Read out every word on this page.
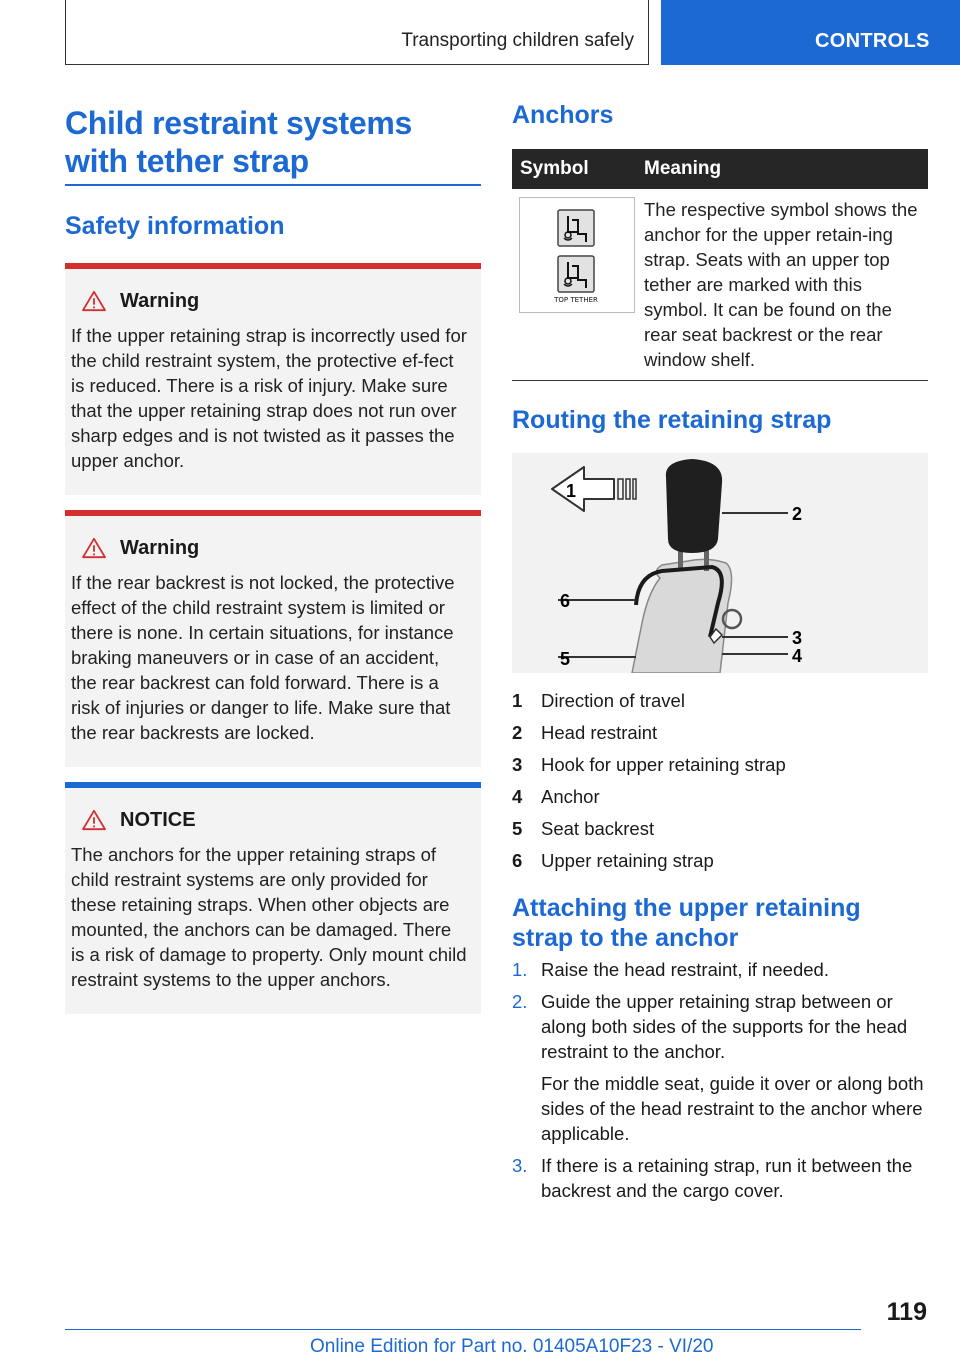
Transporting children safely	CONTROLS
Child restraint systems with tether strap
Safety information
Warning

If the upper retaining strap is incorrectly used for the child restraint system, the protective ef‐fect is reduced. There is a risk of injury. Make sure that the upper retaining strap does not run over sharp edges and is not twisted as it passes the upper anchor.

Warning

If the rear backrest is not locked, the protective effect of the child restraint system is limited or there is none. In certain situations, for instance braking maneuvers or in case of an accident, the rear backrest can fold forward. There is a risk of injuries or danger to life. Make sure that the rear backrests are locked.

NOTICE

The anchors for the upper retaining straps of child restraint systems are only provided for these retaining straps. When other objects are mounted, the anchors can be damaged. There is a risk of damage to property. Only mount child restraint systems to the upper anchors.

Anchors
Symbol	Meaning

TOP TETHER	The respective symbol shows the anchor for the upper retain‐ing strap. Seats with an upper top tether are marked with this symbol. It can be found on the rear seat backrest or the rear window shelf.
Routing the retaining strap
1
2
3
4
5
6
1	Direction of travel
2	Head restraint
3	Hook for upper retaining strap
4	Anchor
5	Seat backrest
6	Upper retaining strap
Attaching the upper retaining strap to the anchor
1. Raise the head restraint, if needed.

2. Guide the upper retaining strap between or along both sides of the supports for the head restraint to the anchor.

For the middle seat, guide it over or along both sides of the head restraint to the anchor where applicable.

3. If there is a retaining strap, run it between the backrest and the cargo cover.

119
Online Edition for Part no. 01405A10F23 - VI/20
